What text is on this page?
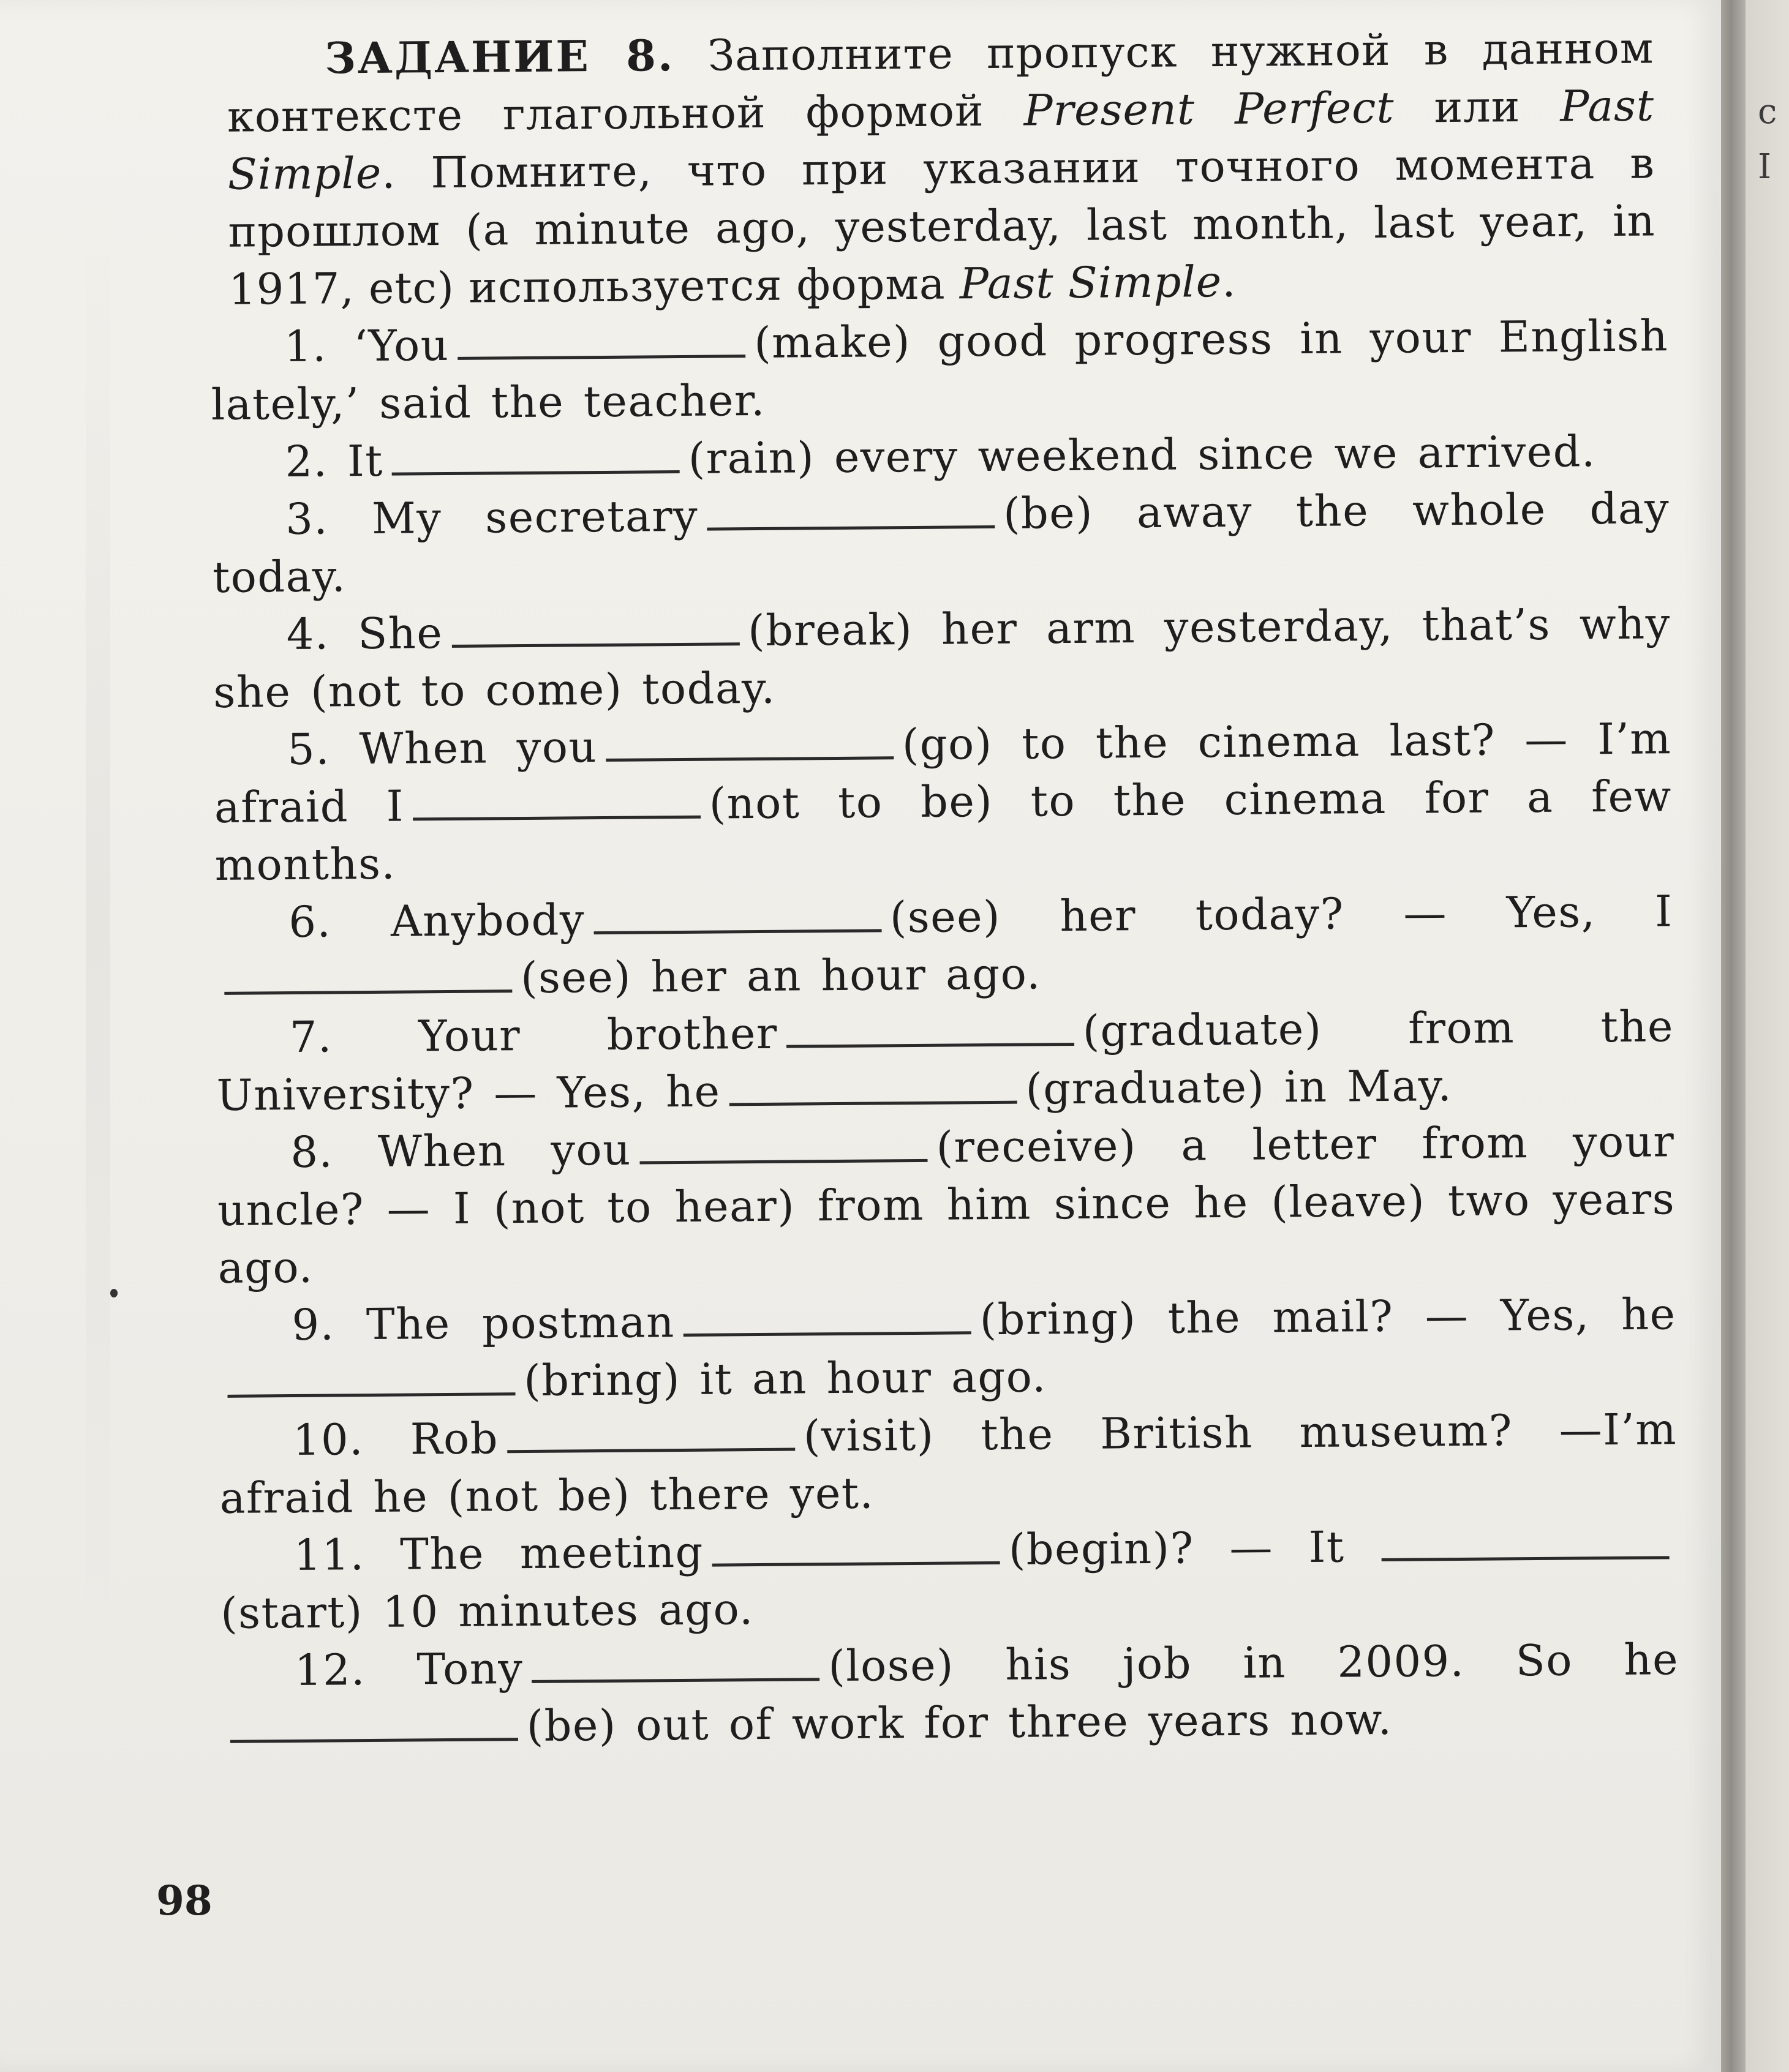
ЗАДАНИЕ 8. Заполните пропуск нужной в данном контексте глагольной формой Present Perfect или Past Simple. Помните, что при указании точного момента в прошлом (a minute ago, yesterday, last month, last year, in 1917, etc) используется форма Past Simple.

1. ‘You	(make) good progress in your English lately,’ said the teacher.

2. It	(rain) every weekend since we arrived.

3. My secretary	(be) away the whole day today.

4. She	(break) her arm yesterday, that’s why she (not to come) today.

5. When you	(go) to the cinema last? — I’m afraid I	(not to be) to the cinema for a few months.

6. Anybody	(see) her today? — Yes, I(see) her an hour ago.

7. Your brother	(graduate) from the University? — Yes, he	(graduate) in May.

8. When you	(receive) a letter from your uncle? — I (not to hear) from him since he (leave) two years ago.

9. The postman	(bring) the mail? — Yes, he(bring) it an hour ago.

10. Rob	(visit) the British museum? —I’m afraid he (not be) there yet.

11. The meeting	(begin)? — It(start) 10 minutes ago.

12. Tony	(lose) his job in 2009. So he(be) out of work for three years now.

98
c
I
